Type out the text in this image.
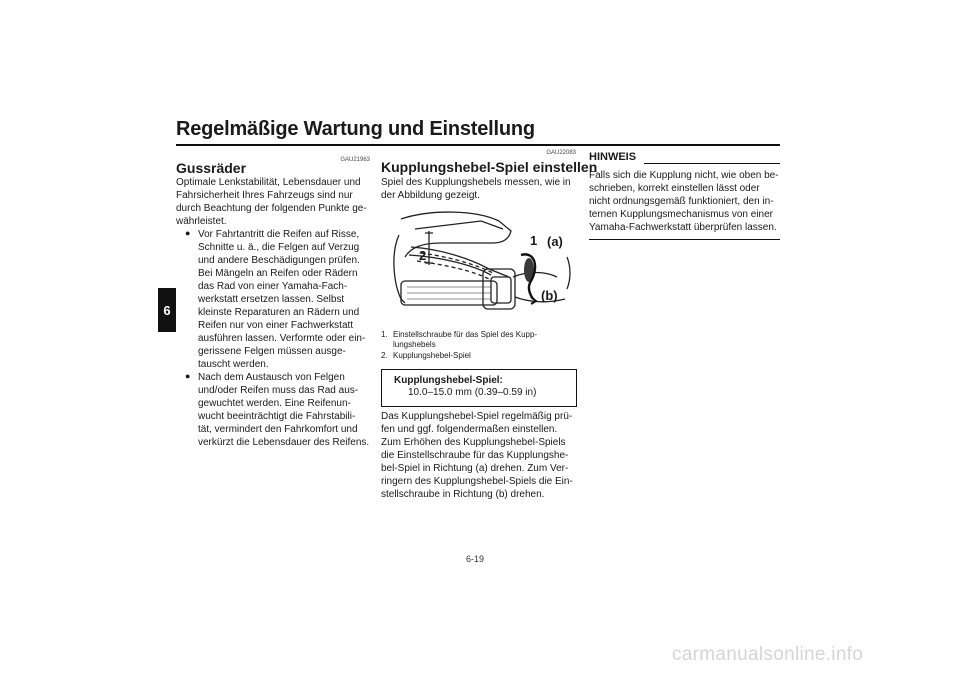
Regelmäßige Wartung und Einstellung
6
GAU21963
Gussräder
Optimale Lenkstabilität, Lebensdauer und
Fahrsicherheit Ihres Fahrzeugs sind nur
durch Beachtung der folgenden Punkte ge-
währleistet.
● Vor Fahrtantritt die Reifen auf Risse,
Schnitte u. ä., die Felgen auf Verzug
und andere Beschädigungen prüfen.
Bei Mängeln an Reifen oder Rädern
das Rad von einer Yamaha-Fach-
werkstatt ersetzen lassen. Selbst
kleinste Reparaturen an Rädern und
Reifen nur von einer Fachwerkstatt
ausführen lassen. Verformte oder ein-
gerissene Felgen müssen ausge-
tauscht werden.
● Nach dem Austausch von Felgen
und/oder Reifen muss das Rad aus-
gewuchtet werden. Eine Reifenun-
wucht beeinträchtigt die Fahrstabili-
tät, vermindert den Fahrkomfort und
verkürzt die Lebensdauer des Reifens.
GAU22083
Kupplungshebel-Spiel einstellen
Spiel des Kupplungshebels messen, wie in
der Abbildung gezeigt.
2
1 (a)
(b)
1. Einstellschraube für das Spiel des Kupp-
lungshebels
2. Kupplungshebel-Spiel
Kupplungshebel-Spiel:
10.0–15.0 mm (0.39–0.59 in)
Das Kupplungshebel-Spiel regelmäßig prü-
fen und ggf. folgendermaßen einstellen.
Zum Erhöhen des Kupplungshebel-Spiels
die Einstellschraube für das Kupplungshe-
bel-Spiel in Richtung (a) drehen. Zum Ver-
ringern des Kupplungshebel-Spiels die Ein-
stellschraube in Richtung (b) drehen.
HINWEIS
Falls sich die Kupplung nicht, wie oben be-
schrieben, korrekt einstellen lässt oder
nicht ordnungsgemäß funktioniert, den in-
ternen Kupplungsmechanismus von einer
Yamaha-Fachwerkstatt überprüfen lassen.
6-19
carmanualsonline.info
